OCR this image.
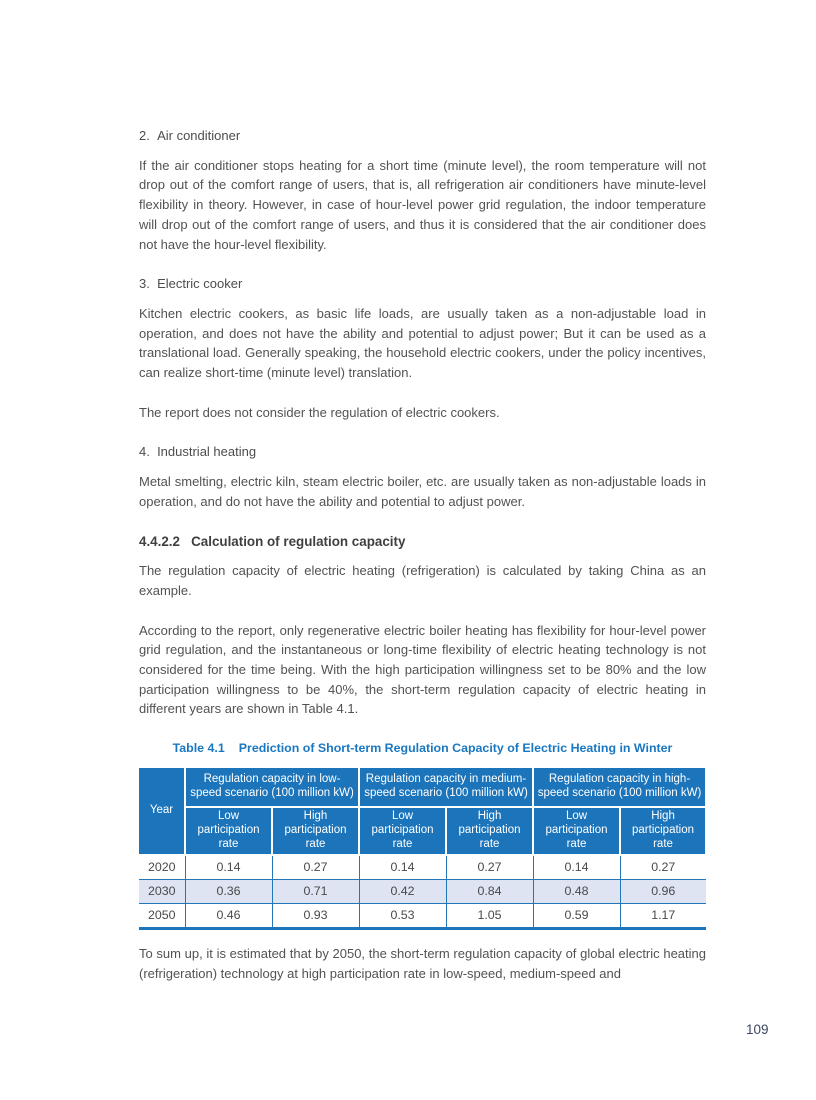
2.  Air conditioner

If the air conditioner stops heating for a short time (minute level), the room temperature will not drop out of the comfort range of users, that is, all refrigeration air conditioners have minute-level flexibility in theory. However, in case of hour-level power grid regulation, the indoor temperature will drop out of the comfort range of users, and thus it is considered that the air conditioner does not have the hour-level flexibility.

3.  Electric cooker

Kitchen electric cookers, as basic life loads, are usually taken as a non-adjustable load in operation, and does not have the ability and potential to adjust power; But it can be used as a translational load. Generally speaking, the household electric cookers, under the policy incentives, can realize short-time (minute level) translation.

The report does not consider the regulation of electric cookers.

4.  Industrial heating

Metal smelting, electric kiln, steam electric boiler, etc. are usually taken as non-adjustable loads in operation, and do not have the ability and potential to adjust power.

4.4.2.2   Calculation of regulation capacity

The regulation capacity of electric heating (refrigeration) is calculated by taking China as an example.

According to the report, only regenerative electric boiler heating has flexibility for hour-level power grid regulation, and the instantaneous or long-time flexibility of electric heating technology is not considered for the time being. With the high participation willingness set to be 80% and the low participation willingness to be 40%, the short-term regulation capacity of electric heating in different years are shown in Table 4.1.

Table 4.1 Prediction of Short-term Regulation Capacity of Electric Heating in Winter
Year	Regulation capacity in low-speed scenario (100 million kW)		Regulation capacity in medium-speed scenario (100 million kW)		Regulation capacity in high-speed scenario (100 million kW)	
	Low participation rate	High participation rate	Low participation rate	High participation rate	Low participation rate	High participation rate
2020	0.14	0.27	0.14	0.27	0.14	0.27
2030	0.36	0.71	0.42	0.84	0.48	0.96
2050	0.46	0.93	0.53	1.05	0.59	1.17

To sum up, it is estimated that by 2050, the short-term regulation capacity of global electric heating (refrigeration) technology at high participation rate in low-speed, medium-speed and

109
